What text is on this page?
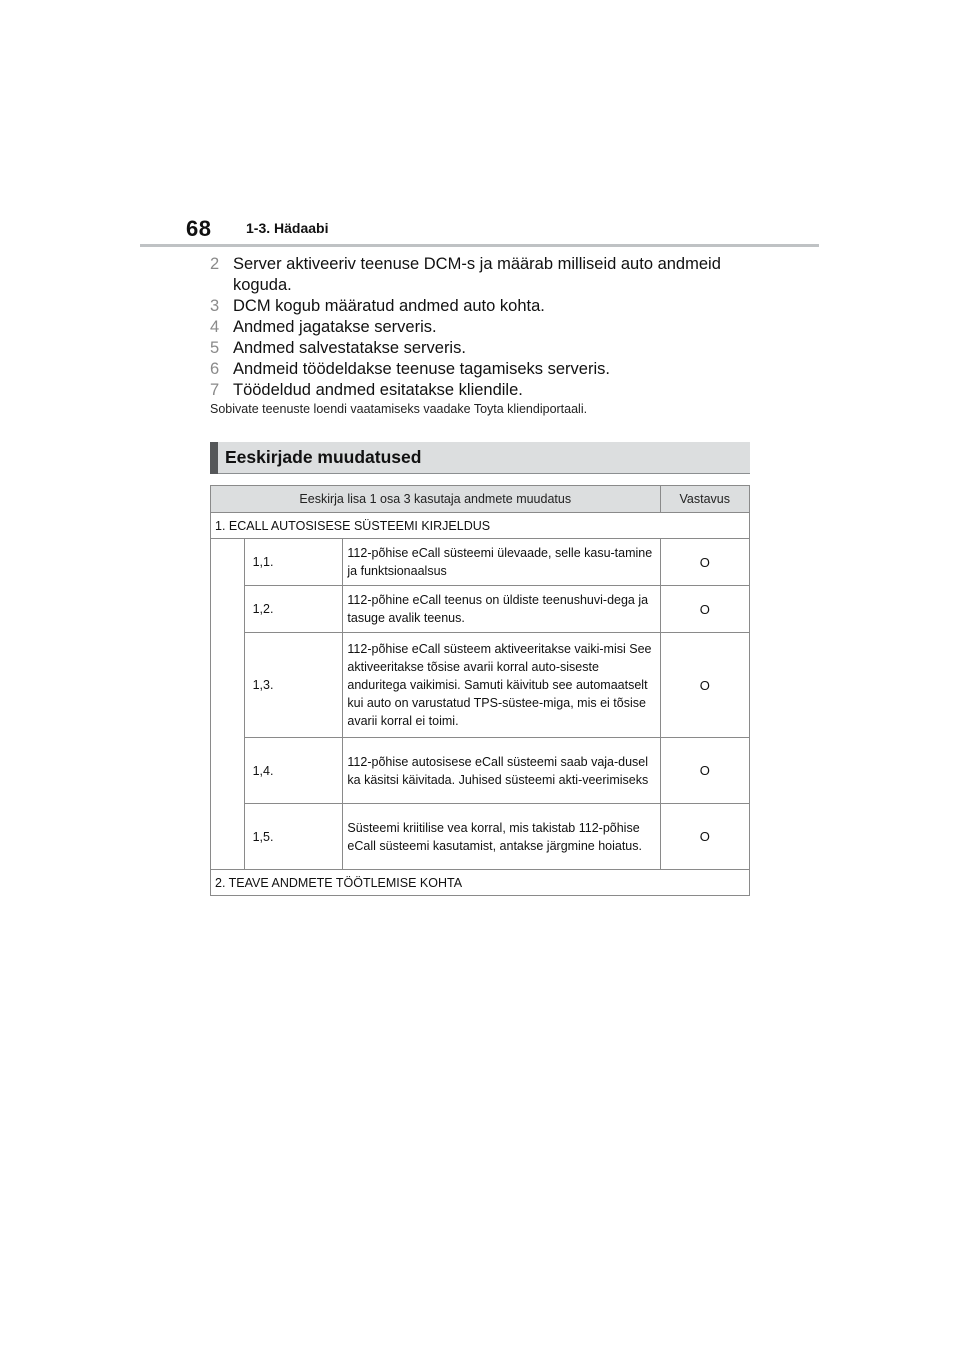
68 1-3. Hädaabi
2 Server aktiveeriv teenuse DCM-s ja määrab milliseid auto andmeid koguda.
3 DCM kogub määratud andmed auto kohta.
4 Andmed jagatakse serveris.
5 Andmed salvestatakse serveris.
6 Andmeid töödeldakse teenuse tagamiseks serveris.
7 Töödeldud andmed esitatakse kliendile.
Sobivate teenuste loendi vaatamiseks vaadake Toyta kliendiportaali.
Eeskirjade muudatused
Eeskirja lisa 1 osa 3 kasutaja andmete muudatus			Vastavus
1. ECALL AUTOSISESE SÜSTEEMI KIRJELDUS			
	1,1.	112-põhise eCall süsteemi ülevaade, selle kasu-tamine ja funktsionaalsus	O
	1,2.	112-põhine eCall teenus on üldiste teenushuvi-dega ja tasuge avalik teenus.	O
	1,3.	112-põhise eCall süsteem aktiveeritakse vaiki-misi See aktiveeritakse tõsise avarii korral auto-siseste anduritega vaikimisi. Samuti käivitub see automaatselt kui auto on varustatud TPS-süstee-miga, mis ei tõsise avarii korral ei toimi.	O
	1,4.	112-põhise autosisese eCall süsteemi saab vaja-dusel ka käsitsi käivitada. Juhised süsteemi akti-veerimiseks	O
	1,5.	Süsteemi kriitilise vea korral, mis takistab 112-põhise eCall süsteemi kasutamist, antakse järgmine hoiatus.	O
2. TEAVE ANDMETE TÖÖTLEMISE KOHTA			
